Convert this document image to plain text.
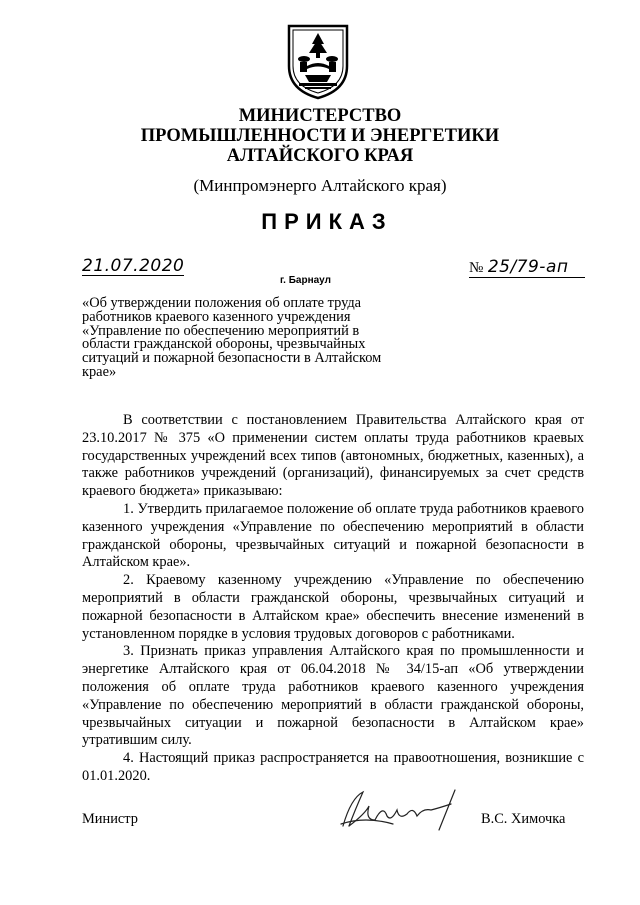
МИНИСТЕРСТВО
ПРОМЫШЛЕННОСТИ И ЭНЕРГЕТИКИ
АЛТАЙСКОГО КРАЯ
(Минпромэнерго Алтайского края)
ПРИКАЗ
21.07.2020
г. Барнаул
№ 25/79-ап
«Об утверждении положения об оплате труда работников краевого казенного учреждения «Управление по обеспечению мероприятий в области гражданской обороны, чрезвычайных ситуаций и пожарной безопасности в Алтайском крае»

В соответствии с постановлением Правительства Алтайского края от 23.10.2017 № 375 «О применении систем оплаты труда работников краевых государственных учреждений всех типов (автономных, бюджетных, казенных), а также работников учреждений (организаций), финансируемых за счет средств краевого бюджета» приказываю:

1. Утвердить прилагаемое положение об оплате труда работников краевого казенного учреждения «Управление по обеспечению мероприятий в области гражданской обороны, чрезвычайных ситуаций и пожарной безопасности в Алтайском крае».

2. Краевому казенному учреждению «Управление по обеспечению мероприятий в области гражданской обороны, чрезвычайных ситуаций и пожарной безопасности в Алтайском крае» обеспечить внесение изменений в установленном порядке в условия трудовых договоров с работниками.

3. Признать приказ управления Алтайского края по промышленности и энергетике Алтайского края от 06.04.2018 № 34/15-ап «Об утверждении положения об оплате труда работников краевого казенного учреждения «Управление по обеспечению мероприятий в области гражданской обороны, чрезвычайных ситуации и пожарной безопасности в Алтайском крае» утратившим силу.

4. Настоящий приказ распространяется на правоотношения, возникшие с 01.01.2020.

Министр	В.С. Химочка
